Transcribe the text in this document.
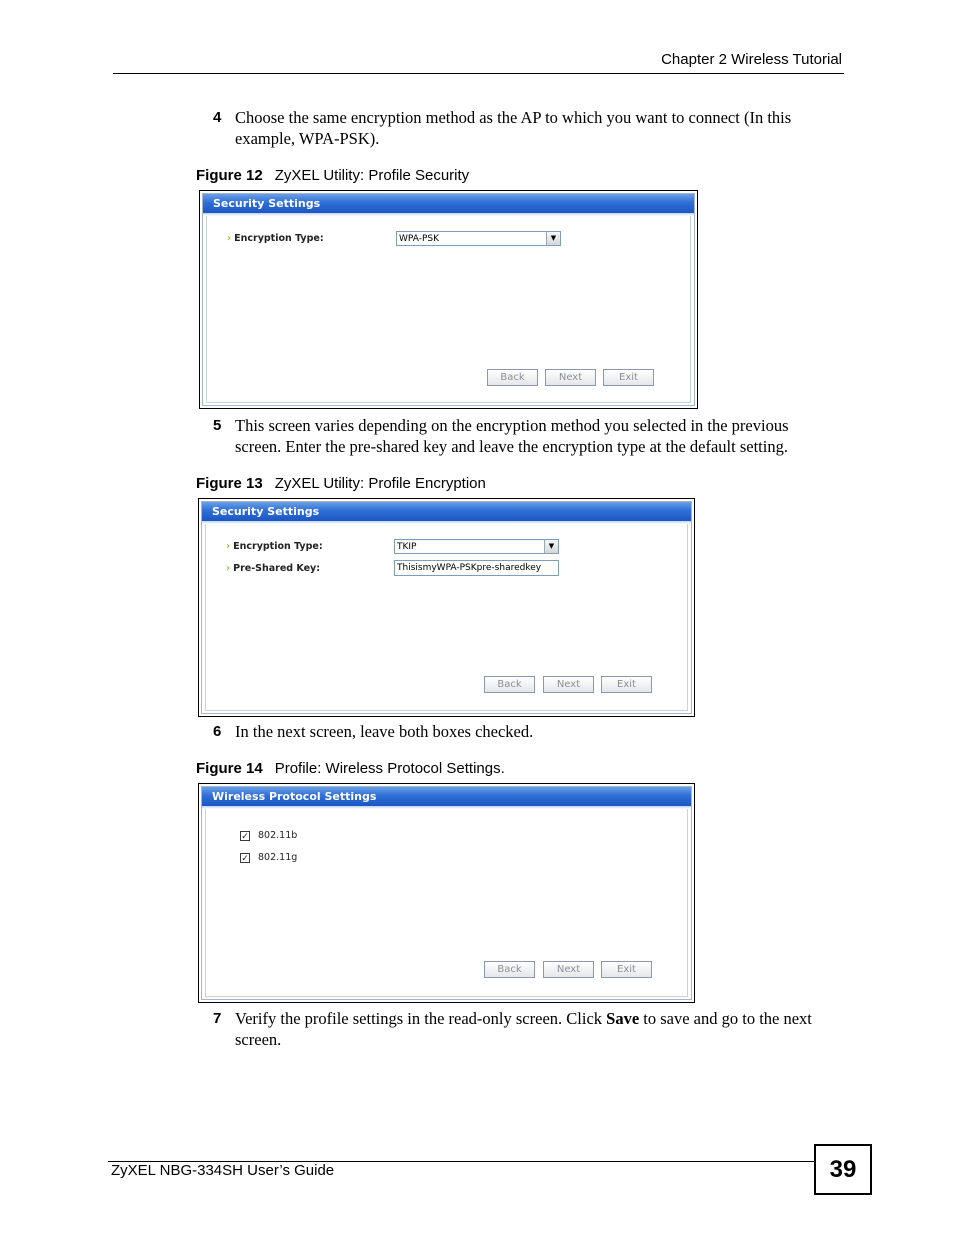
Chapter 2 Wireless Tutorial
4 Choose the same encryption method as the AP to which you want to connect (In this
example, WPA-PSK).
Figure 12 ZyXEL Utility: Profile Security
Security Settings
› Encryption Type:	WPA-PSK	▼
Back	Next	Exit
5 This screen varies depending on the encryption method you selected in the previous
screen. Enter the pre-shared key and leave the encryption type at the default setting.
Figure 13 ZyXEL Utility: Profile Encryption
Security Settings
› Encryption Type:	TKIP	▼
› Pre-Shared Key:	ThisismyWPA-PSKpre-sharedkey
Back	Next	Exit
6 In the next screen, leave both boxes checked.
Figure 14 Profile: Wireless Protocol Settings.
Wireless Protocol Settings
✓ 802.11b
✓ 802.11g
Back	Next	Exit
7 Verify the profile settings in the read-only screen. Click Save to save and go to the next
screen.
ZyXEL NBG-334SH User’s Guide	39
